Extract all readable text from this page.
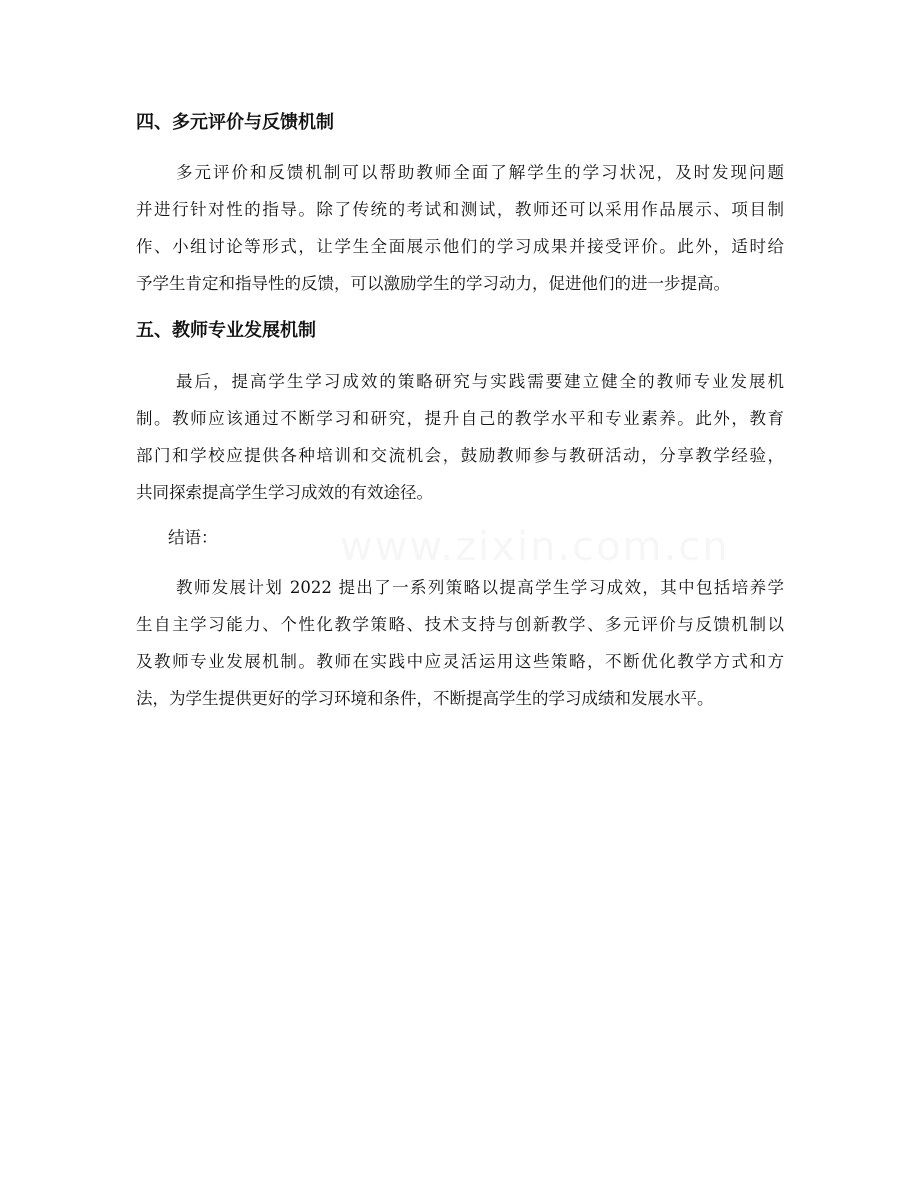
四、多元评价与反馈机制

多元评价和反馈机制可以帮助教师全面了解学生的学习状况，及时发现问题
并进行针对性的指导。除了传统的考试和测试，教师还可以采用作品展示、项目制
作、小组讨论等形式，让学生全面展示他们的学习成果并接受评价。此外，适时给
予学生肯定和指导性的反馈，可以激励学生的学习动力，促进他们的进一步提高。

五、教师专业发展机制

最后，提高学生学习成效的策略研究与实践需要建立健全的教师专业发展机
制。教师应该通过不断学习和研究，提升自己的教学水平和专业素养。此外，教育
部门和学校应提供各种培训和交流机会，鼓励教师参与教研活动，分享教学经验，
共同探索提高学生学习成效的有效途径。

结语：

教师发展计划 2022 提出了一系列策略以提高学生学习成效，其中包括培养学
生自主学习能力、个性化教学策略、技术支持与创新教学、多元评价与反馈机制以
及教师专业发展机制。教师在实践中应灵活运用这些策略，不断优化教学方式和方
法，为学生提供更好的学习环境和条件，不断提高学生的学习成绩和发展水平。
